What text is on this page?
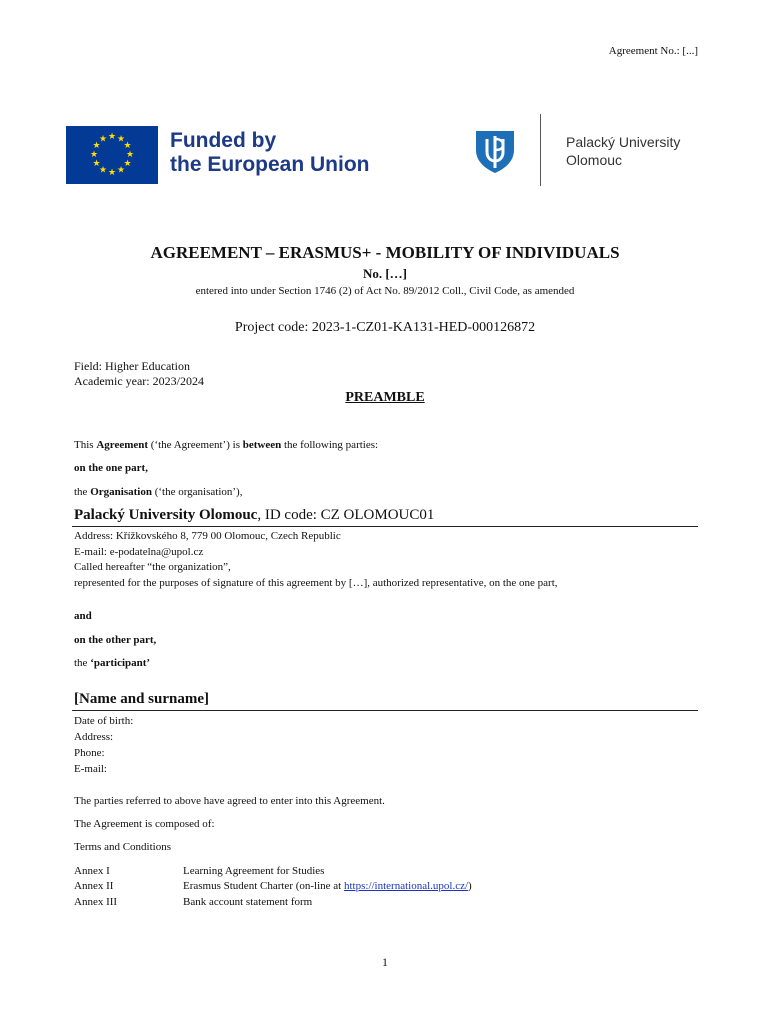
Agreement No.: [...]
★ ★
★
★
★
★
★
★
★
★
★
★	Funded by
the European Union
Palacký University
Olomouc
AGREEMENT – ERASMUS+ - MOBILITY OF INDIVIDUALS
No. […]
entered into under Section 1746 (2) of Act No. 89/2012 Coll., Civil Code, as amended
Project code: 2023-1-CZ01-KA131-HED-000126872
Field: Higher Education
Academic year: 2023/2024
PREAMBLE
This Agreement (‘the Agreement’) is between the following parties:
on the one part,
the Organisation (‘the organisation’),
Palacký University Olomouc, ID code: CZ OLOMOUC01
Address: Křížkovského 8, 779 00 Olomouc, Czech Republic
E-mail: e-podatelna@upol.cz
Called hereafter “the organization”,
represented for the purposes of signature of this agreement by […], authorized representative, on the one part,
and
on the other part,
the ‘participant’
[Name and surname]
Date of birth:
Address:
Phone:
E-mail:
The parties referred to above have agreed to enter into this Agreement.
The Agreement is composed of:
Terms and Conditions
Annex I	Learning Agreement for Studies
Annex II	Erasmus Student Charter (on-line at https://international.upol.cz/)
Annex III	Bank account statement form
1
